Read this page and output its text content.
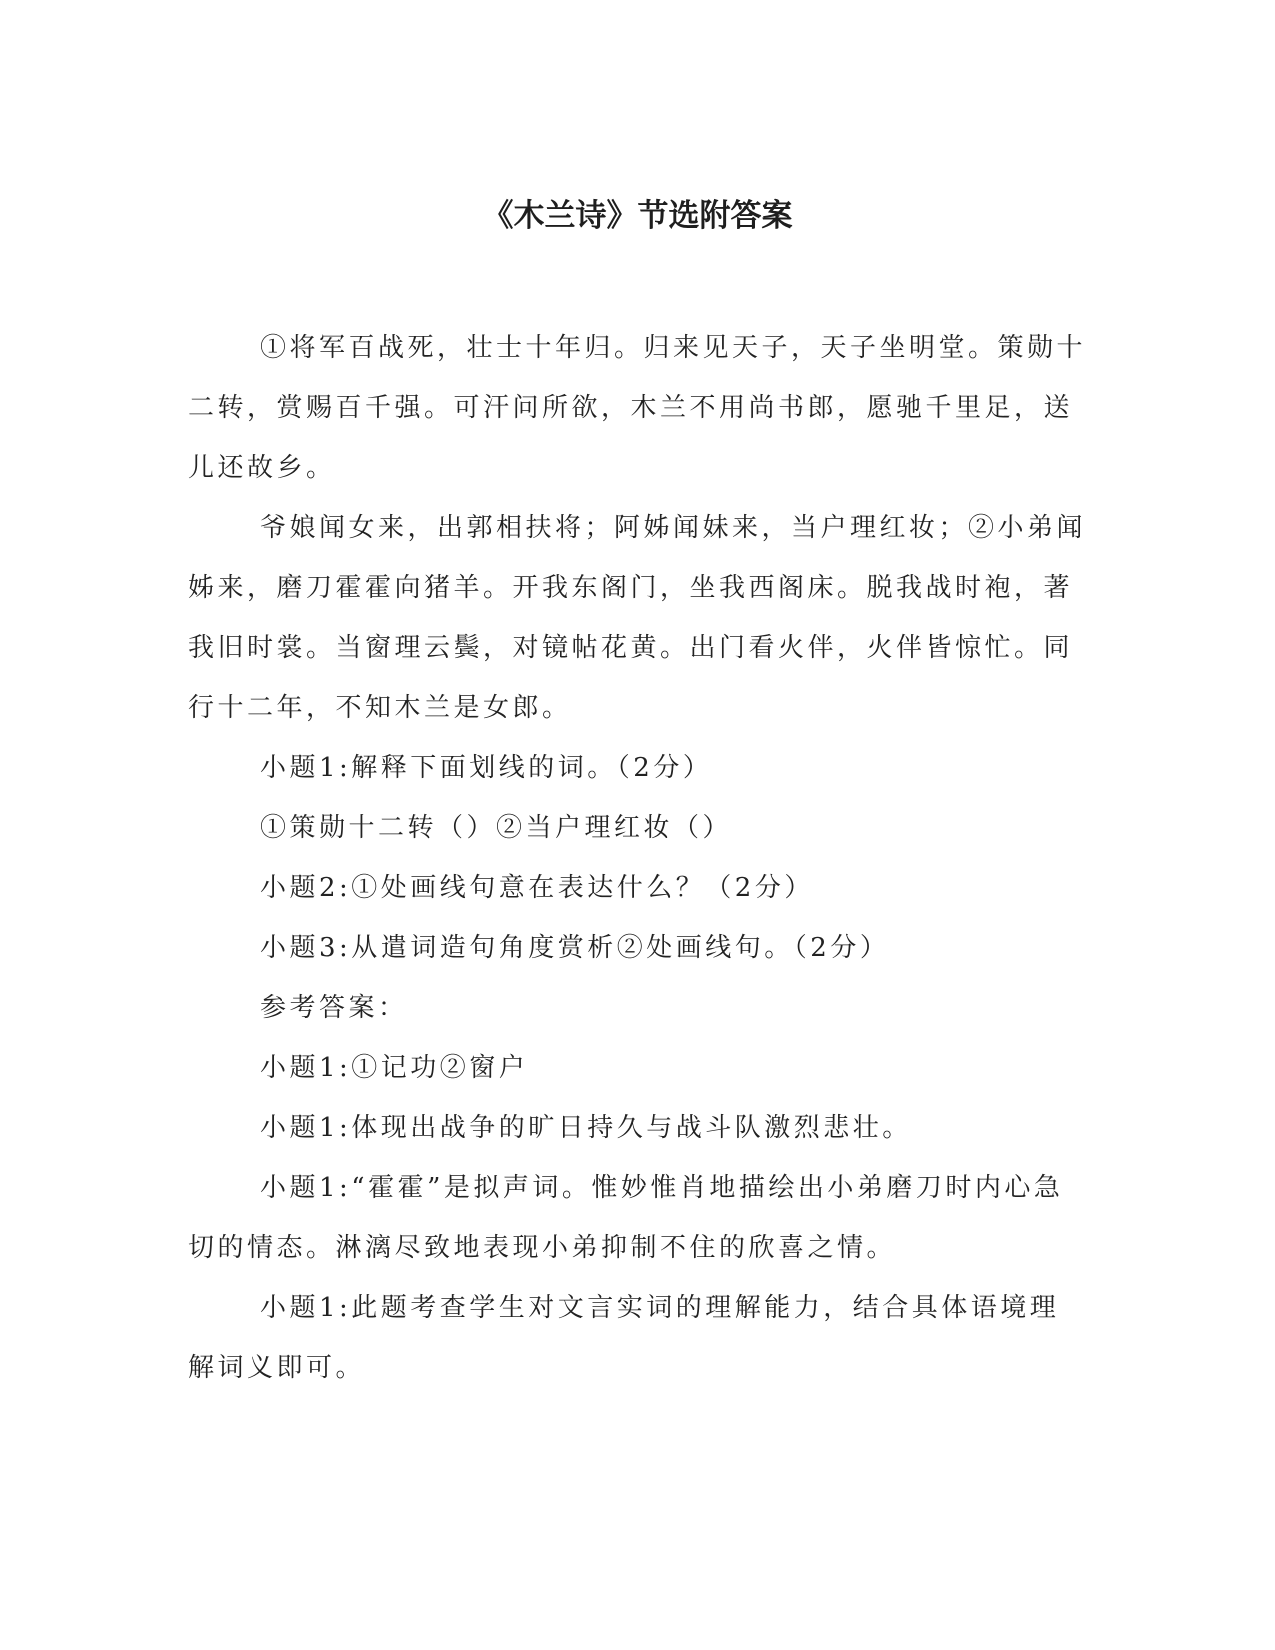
《木兰诗》节选附答案

①将军百战死，壮士十年归。归来见天子，天子坐明堂。策勋十二转，赏赐百千强。可汗问所欲，木兰不用尚书郎，愿驰千里足，送儿还故乡。

爷娘闻女来，出郭相扶将；阿姊闻妹来，当户理红妆；②小弟闻姊来，磨刀霍霍向猪羊。开我东阁门，坐我西阁床。脱我战时袍，著我旧时裳。当窗理云鬓，对镜帖花黄。出门看火伴，火伴皆惊忙。同行十二年，不知木兰是女郎。

小题1:解释下面划线的词。（2分）

①策勋十二转（）②当户理红妆（）

小题2:①处画线句意在表达什么？（2分）

小题3:从遣词造句角度赏析②处画线句。（2分）

参考答案：

小题1:①记功②窗户

小题1:体现出战争的旷日持久与战斗队激烈悲壮。

小题1:“霍霍”是拟声词。惟妙惟肖地描绘出小弟磨刀时内心急切的情态。淋漓尽致地表现小弟抑制不住的欣喜之情。

小题1:此题考查学生对文言实词的理解能力，结合具体语境理解词义即可。
